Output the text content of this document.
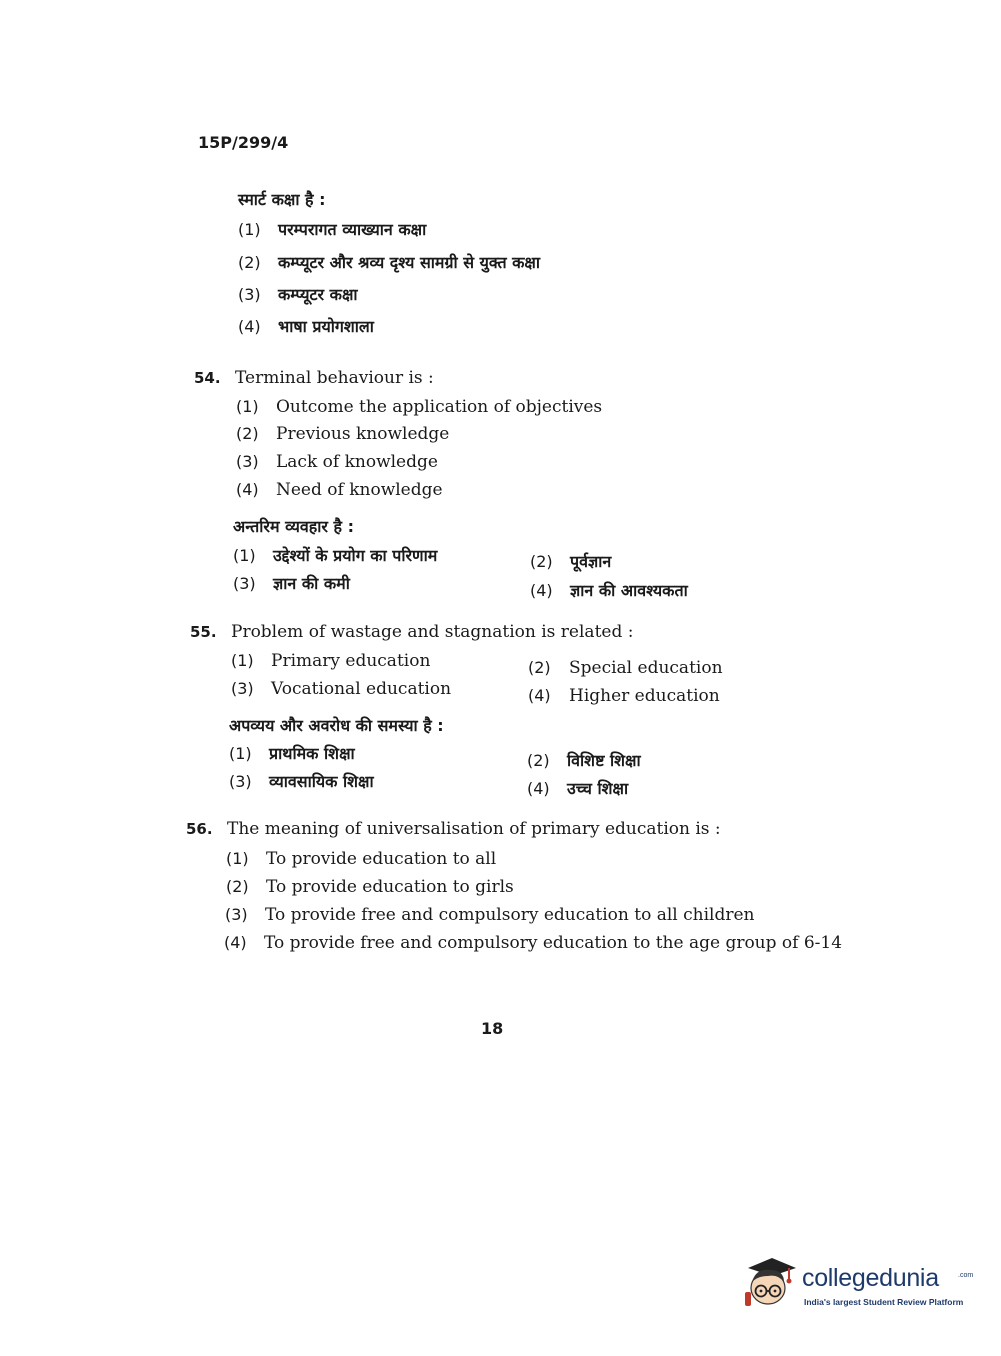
15P/299/4
स्मार्ट कक्षा है :
(1) परम्परागत व्याख्यान कक्षा
(2) कम्प्यूटर और श्रव्य दृश्य सामग्री से युक्त कक्षा
(3) कम्प्यूटर कक्षा
(4) भाषा प्रयोगशाला
54. Terminal behaviour is :
(1) Outcome the application of objectives
(2) Previous knowledge
(3) Lack of knowledge
(4) Need of knowledge
अन्तरिम व्यवहार है :
(1) उद्देश्यों के प्रयोग का परिणाम	(2) पूर्वज्ञान
(3) ज्ञान की कमी	(4) ज्ञान की आवश्यकता
55. Problem of wastage and stagnation is related :
(1) Primary education	(2) Special education
(3) Vocational education	(4) Higher education
अपव्यय और अवरोध की समस्या है :
(1) प्राथमिक शिक्षा	(2) विशिष्ट शिक्षा
(3) व्यावसायिक शिक्षा	(4) उच्च शिक्षा
56. The meaning of universalisation of primary education is :
(1) To provide education to all
(2) To provide education to girls
(3) To provide free and compulsory education to all children
(4) To provide free and compulsory education to the age group of 6-14
18
collegedunia	.com
India's largest Student Review Platform
